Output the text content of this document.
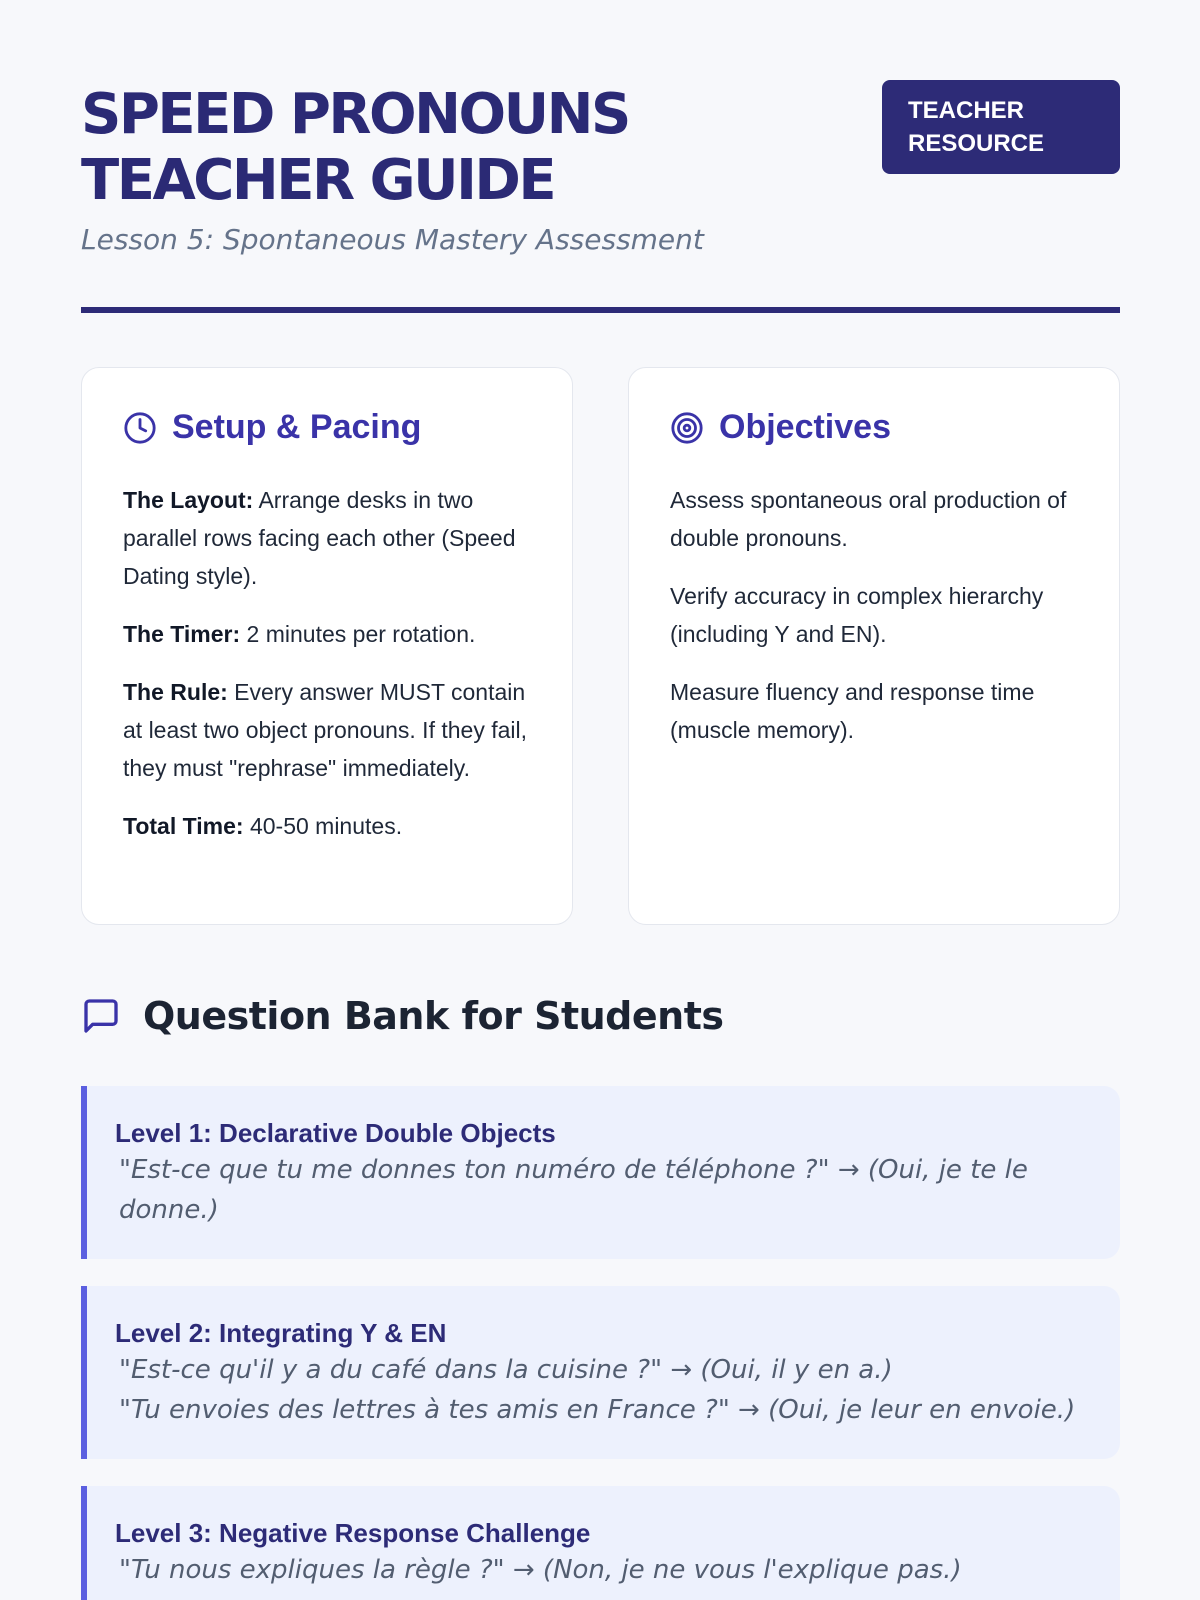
SPEED PRONOUNS
TEACHER GUIDE
Lesson 5: Spontaneous Mastery Assessment
TEACHER
RESOURCE
Setup & Pacing

The Layout: Arrange desks in two parallel rows facing each other (Speed Dating style).

The Timer: 2 minutes per rotation.

The Rule: Every answer MUST contain at least two object pronouns. If they fail, they must "rephrase" immediately.

Total Time: 40-50 minutes.

Objectives

Assess spontaneous oral production of double pronouns.

Verify accuracy in complex hierarchy (including Y and EN).

Measure fluency and response time (muscle memory).

Question Bank for Students
Level 1: Declarative Double Objects
"Est-ce que tu me donnes ton numéro de téléphone ?" → (Oui, je te le donne.)
Level 2: Integrating Y & EN
"Est-ce qu'il y a du café dans la cuisine ?" → (Oui, il y en a.)
"Tu envoies des lettres à tes amis en France ?" → (Oui, je leur en envoie.)
Level 3: Negative Response Challenge
"Tu nous expliques la règle ?" → (Non, je ne vous l'explique pas.)
